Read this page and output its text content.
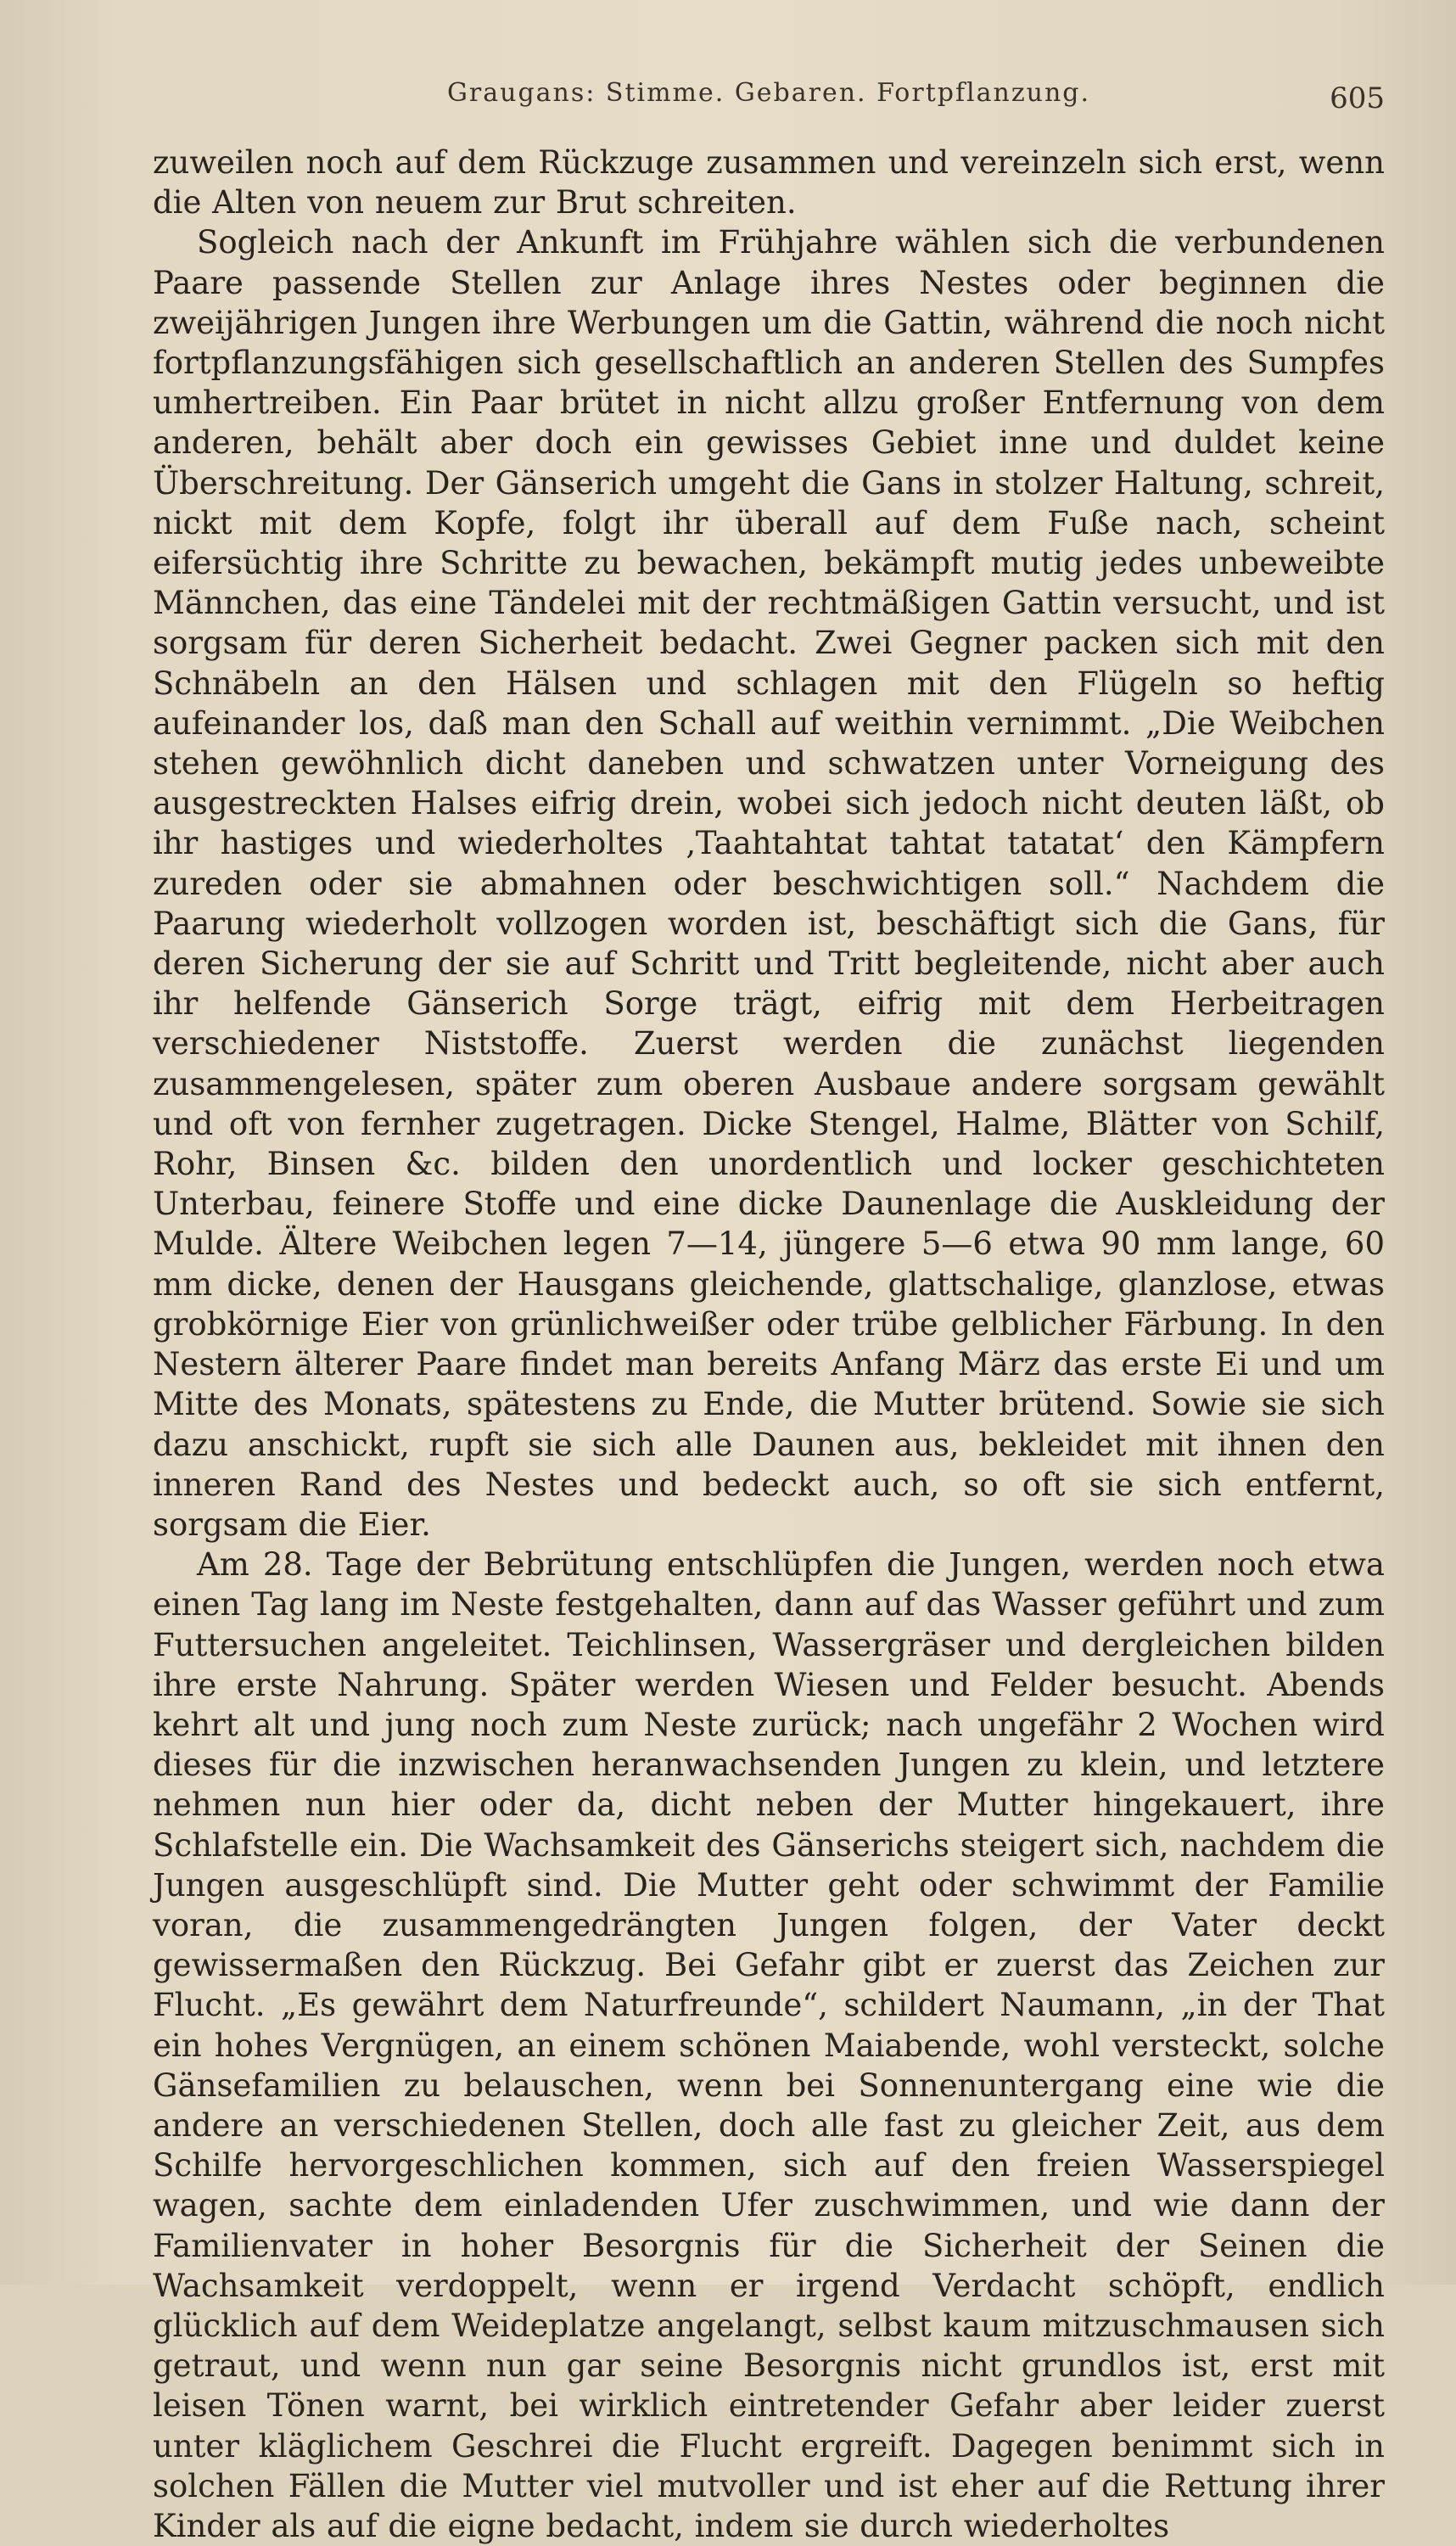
Graugans: Stimme. Gebaren. Fortpflanzung.	605

zuweilen noch auf dem Rückzuge zusammen und vereinzeln sich erst, wenn die Alten von neuem zur Brut schreiten.

Sogleich nach der Ankunft im Frühjahre wählen sich die verbundenen Paare passende Stellen zur Anlage ihres Nestes oder beginnen die zweijährigen Jungen ihre Werbungen um die Gattin, während die noch nicht fortpflanzungsfähigen sich gesellschaftlich an anderen Stellen des Sumpfes umhertreiben. Ein Paar brütet in nicht allzu großer Entfernung von dem anderen, behält aber doch ein gewisses Gebiet inne und duldet keine Überschreitung. Der Gänserich umgeht die Gans in stolzer Haltung, schreit, nickt mit dem Kopfe, folgt ihr überall auf dem Fuße nach, scheint eifersüchtig ihre Schritte zu bewachen, bekämpft mutig jedes unbeweibte Männchen, das eine Tändelei mit der rechtmäßigen Gattin versucht, und ist sorgsam für deren Sicherheit bedacht. Zwei Gegner packen sich mit den Schnäbeln an den Hälsen und schlagen mit den Flügeln so heftig aufeinander los, daß man den Schall auf weithin vernimmt. „Die Weibchen stehen gewöhnlich dicht daneben und schwatzen unter Vorneigung des ausgestreckten Halses eifrig drein, wobei sich jedoch nicht deuten läßt, ob ihr hastiges und wiederholtes ‚Taahtahtat tahtat tatatat‘ den Kämpfern zureden oder sie abmahnen oder beschwichtigen soll.“ Nachdem die Paarung wiederholt vollzogen worden ist, beschäftigt sich die Gans, für deren Sicherung der sie auf Schritt und Tritt begleitende, nicht aber auch ihr helfende Gänserich Sorge trägt, eifrig mit dem Herbeitragen verschiedener Niststoffe. Zuerst werden die zunächst liegenden zusammengelesen, später zum oberen Ausbaue andere sorgsam gewählt und oft von fernher zugetragen. Dicke Stengel, Halme, Blätter von Schilf, Rohr, Binsen &c. bilden den unordentlich und locker geschichteten Unterbau, feinere Stoffe und eine dicke Daunenlage die Auskleidung der Mulde. Ältere Weibchen legen 7—14, jüngere 5—6 etwa 90 mm lange, 60 mm dicke, denen der Hausgans gleichende, glattschalige, glanzlose, etwas grobkörnige Eier von grünlichweißer oder trübe gelblicher Färbung. In den Nestern älterer Paare findet man bereits Anfang März das erste Ei und um Mitte des Monats, spätestens zu Ende, die Mutter brütend. Sowie sie sich dazu anschickt, rupft sie sich alle Daunen aus, bekleidet mit ihnen den inneren Rand des Nestes und bedeckt auch, so oft sie sich entfernt, sorgsam die Eier.

Am 28. Tage der Bebrütung entschlüpfen die Jungen, werden noch etwa einen Tag lang im Neste festgehalten, dann auf das Wasser geführt und zum Futtersuchen angeleitet. Teichlinsen, Wassergräser und dergleichen bilden ihre erste Nahrung. Später werden Wiesen und Felder besucht. Abends kehrt alt und jung noch zum Neste zurück; nach ungefähr 2 Wochen wird dieses für die inzwischen heranwachsenden Jungen zu klein, und letztere nehmen nun hier oder da, dicht neben der Mutter hingekauert, ihre Schlafstelle ein. Die Wachsamkeit des Gänserichs steigert sich, nachdem die Jungen ausgeschlüpft sind. Die Mutter geht oder schwimmt der Familie voran, die zusammengedrängten Jungen folgen, der Vater deckt gewissermaßen den Rückzug. Bei Gefahr gibt er zuerst das Zeichen zur Flucht. „Es gewährt dem Naturfreunde“, schildert Naumann, „in der That ein hohes Vergnügen, an einem schönen Maiabende, wohl versteckt, solche Gänsefamilien zu belauschen, wenn bei Sonnenuntergang eine wie die andere an verschiedenen Stellen, doch alle fast zu gleicher Zeit, aus dem Schilfe hervorgeschlichen kommen, sich auf den freien Wasserspiegel wagen, sachte dem einladenden Ufer zuschwimmen, und wie dann der Familienvater in hoher Besorgnis für die Sicherheit der Seinen die Wachsamkeit verdoppelt, wenn er irgend Verdacht schöpft, endlich glücklich auf dem Weideplatze angelangt, selbst kaum mitzuschmausen sich getraut, und wenn nun gar seine Besorgnis nicht grundlos ist, erst mit leisen Tönen warnt, bei wirklich eintretender Gefahr aber leider zuerst unter kläglichem Geschrei die Flucht ergreift. Dagegen benimmt sich in solchen Fällen die Mutter viel mutvoller und ist eher auf die Rettung ihrer Kinder als auf die eigne bedacht, indem sie durch wiederholtes
